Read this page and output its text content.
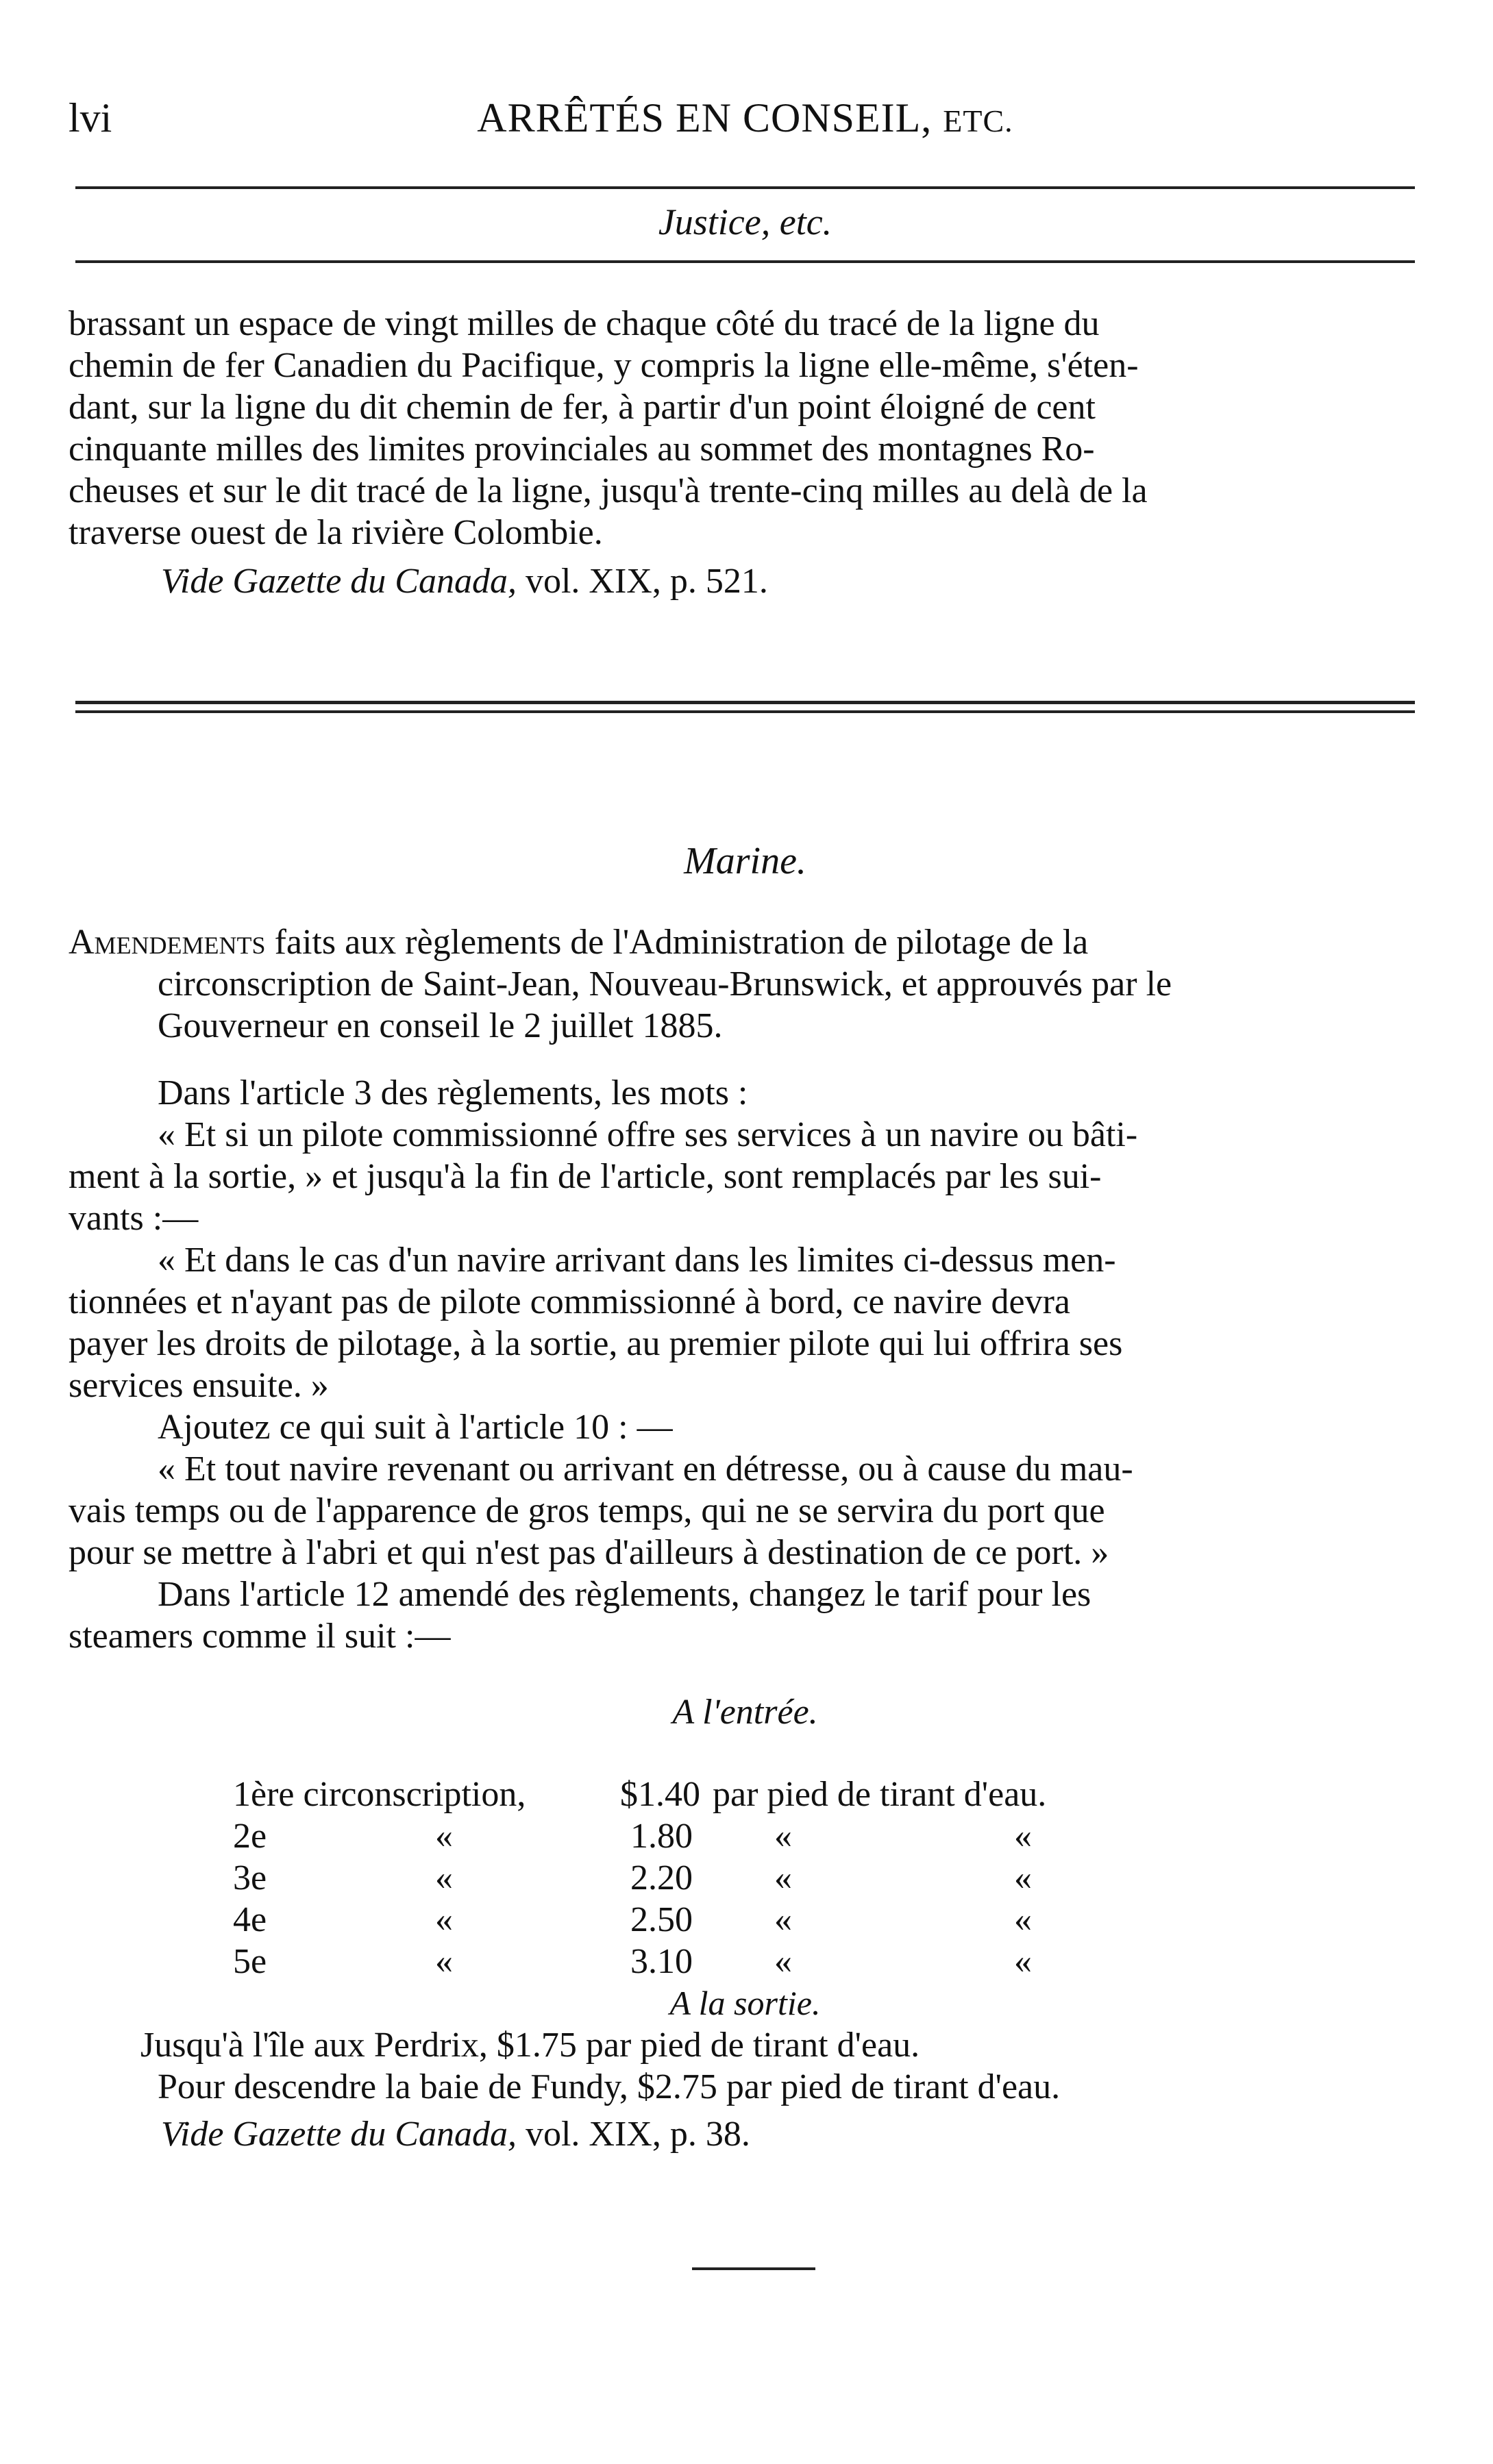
lvi	ARRÊTÉS EN CONSEIL, ETC.
Justice, etc.
brassant un espace de vingt milles de chaque côté du tracé de la ligne du
chemin de fer Canadien du Pacifique, y compris la ligne elle-même, s'éten-
dant, sur la ligne du dit chemin de fer, à partir d'un point éloigné de cent
cinquante milles des limites provinciales au sommet des montagnes Ro-
cheuses et sur le dit tracé de la ligne, jusqu'à trente-cinq milles au delà de la
traverse ouest de la rivière Colombie.
Vide Gazette du Canada, vol. XIX, p. 521.
Marine.
Amendements faits aux règlements de l'Administration de pilotage de la
circonscription de Saint-Jean, Nouveau-Brunswick, et approuvés par le
Gouverneur en conseil le 2 juillet 1885.
Dans l'article 3 des règlements, les mots :
« Et si un pilote commissionné offre ses services à un navire ou bâti-
ment à la sortie, » et jusqu'à la fin de l'article, sont remplacés par les sui-
vants :—
« Et dans le cas d'un navire arrivant dans les limites ci-dessus men-
tionnées et n'ayant pas de pilote commissionné à bord, ce navire devra
payer les droits de pilotage, à la sortie, au premier pilote qui lui offrira ses
services ensuite. »
Ajoutez ce qui suit à l'article 10 : —
« Et tout navire revenant ou arrivant en détresse, ou à cause du mau-
vais temps ou de l'apparence de gros temps, qui ne se servira du port que
pour se mettre à l'abri et qui n'est pas d'ailleurs à destination de ce port. »
Dans l'article 12 amendé des règlements, changez le tarif pour les
steamers comme il suit :—
A l'entrée.
1ère circonscription,	$1.40 par pied de tirant d'eau.
2e	«	1.80 «	«
3e	«	2.20 «	«
4e	«	2.50 «	«
5e	«	3.10 «	«
A la sortie.
Jusqu'à l'île aux Perdrix, $1.75 par pied de tirant d'eau.
Pour descendre la baie de Fundy, $2.75 par pied de tirant d'eau.
Vide Gazette du Canada, vol. XIX, p. 38.
